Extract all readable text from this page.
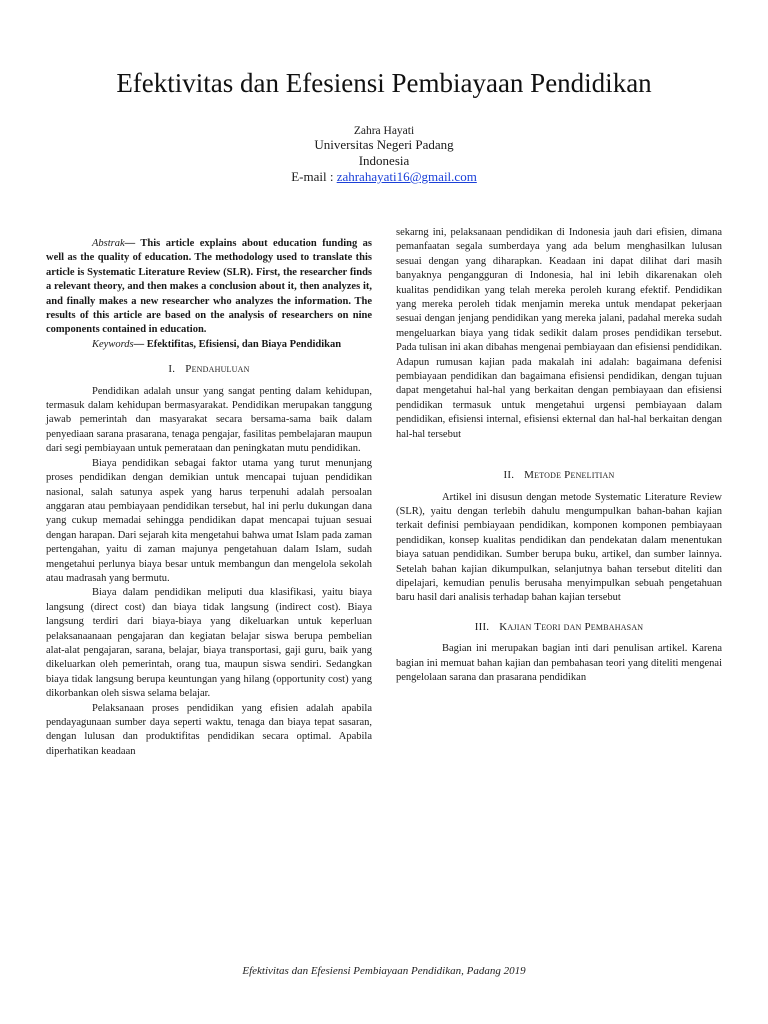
Efektivitas dan Efesiensi Pembiayaan Pendidikan
Zahra Hayati
Universitas Negeri Padang
Indonesia
E-mail : zahrahayati16@gmail.com

Abstrak— This article explains about education funding as well as the quality of education. The methodology used to translate this article is Systematic Literature Review (SLR). First, the researcher finds a relevant theory, and then makes a conclusion about it, then analyzes it, and finally makes a new researcher who analyzes the information. The results of this article are based on the analysis of researchers on nine components contained in education.

Keywords— Efektifitas, Efisiensi, dan Biaya Pendidikan

I. Pendahuluan

Pendidikan adalah unsur yang sangat penting dalam kehidupan, termasuk dalam kehidupan bermasyarakat. Pendidikan merupakan tanggung jawab pemerintah dan masyarakat secara bersama-sama baik dalam penyediaan sarana prasarana, tenaga pengajar, fasilitas pembelajaran maupun dari segi pembiayaan untuk pemerataan dan peningkatan mutu pendidikan.

Biaya pendidikan sebagai faktor utama yang turut menunjang proses pendidikan dengan demikian untuk mencapai tujuan pendidikan nasional, salah satunya aspek yang harus terpenuhi adalah persoalan anggaran atau pembiayaan pendidikan tersebut, hal ini perlu dukungan dana yang cukup memadai sehingga pendidikan dapat mencapai tujuan sesuai dengan harapan. Dari sejarah kita mengetahui bahwa umat Islam pada zaman pertengahan, yaitu di zaman majunya pengetahuan dalam Islam, sudah mengetahui perlunya biaya besar untuk membangun dan mengelola sekolah atau madrasah yang bermutu.

Biaya dalam pendidikan meliputi dua klasifikasi, yaitu biaya langsung (direct cost) dan biaya tidak langsung (indirect cost). Biaya langsung terdiri dari biaya-biaya yang dikeluarkan untuk keperluan pelaksanaanaan pengajaran dan kegiatan belajar siswa berupa pembelian alat-alat pengajaran, sarana, belajar, biaya transportasi, gaji guru, baik yang dikeluarkan oleh pemerintah, orang tua, maupun siswa sendiri. Sedangkan biaya tidak langsung berupa keuntungan yang hilang (opportunity cost) yang dikorbankan oleh siswa selama belajar.

Pelaksanaan proses pendidikan yang efisien adalah apabila pendayagunaan sumber daya seperti waktu, tenaga dan biaya tepat sasaran, dengan lulusan dan produktifitas pendidikan secara optimal. Apabila diperhatikan keadaan

sekarng ini, pelaksanaan pendidikan di Indonesia jauh dari efisien, dimana pemanfaatan segala sumberdaya yang ada belum menghasilkan lulusan sesuai dengan yang diharapkan. Keadaan ini dapat dilihat dari masih banyaknya pengangguran di Indonesia, hal ini lebih dikarenakan oleh kualitas pendidikan yang telah mereka peroleh kurang efektif. Pendidikan yang mereka peroleh tidak menjamin mereka untuk mendapat pekerjaan sesuai dengan jenjang pendidikan yang mereka jalani, padahal mereka sudah mengeluarkan biaya yang tidak sedikit dalam proses pendidikan tersebut. Pada tulisan ini akan dibahas mengenai pembiayaan dan efisiensi pendidikan. Adapun rumusan kajian pada makalah ini adalah: bagaimana defenisi pembiayaan pendidikan dan bagaimana efisiensi pendidikan, dengan tujuan dapat mengetahui hal-hal yang berkaitan dengan pembiayaan dan efisiensi pendidikan termasuk untuk mengetahui urgensi pembiayaan dalam pendidikan, efisiensi internal, efisiensi ekternal dan hal-hal berkaitan dengan hal-hal tersebut

II. Metode Penelitian

Artikel ini disusun dengan metode Systematic Literature Review (SLR), yaitu dengan terlebih dahulu mengumpulkan bahan-bahan kajian terkait definisi pembiayaan pendidikan, komponen komponen pembiayaan pendidikan, konsep kualitas pendidikan dan pendekatan dalam menentukan biaya satuan pendidikan. Sumber berupa buku, artikel, dan sumber lainnya. Setelah bahan kajian dikumpulkan, selanjutnya bahan tersebut diteliti dan dipelajari, kemudian penulis berusaha menyimpulkan sebuah pengetahuan baru hasil dari analisis terhadap bahan kajian tersebut

III. Kajian Teori dan Pembahasan

Bagian ini merupakan bagian inti dari penulisan artikel. Karena bagian ini memuat bahan kajian dan pembahasan teori yang diteliti mengenai pengelolaan sarana dan prasarana pendidikan

Efektivitas dan Efesiensi Pembiayaan Pendidikan, Padang 2019
